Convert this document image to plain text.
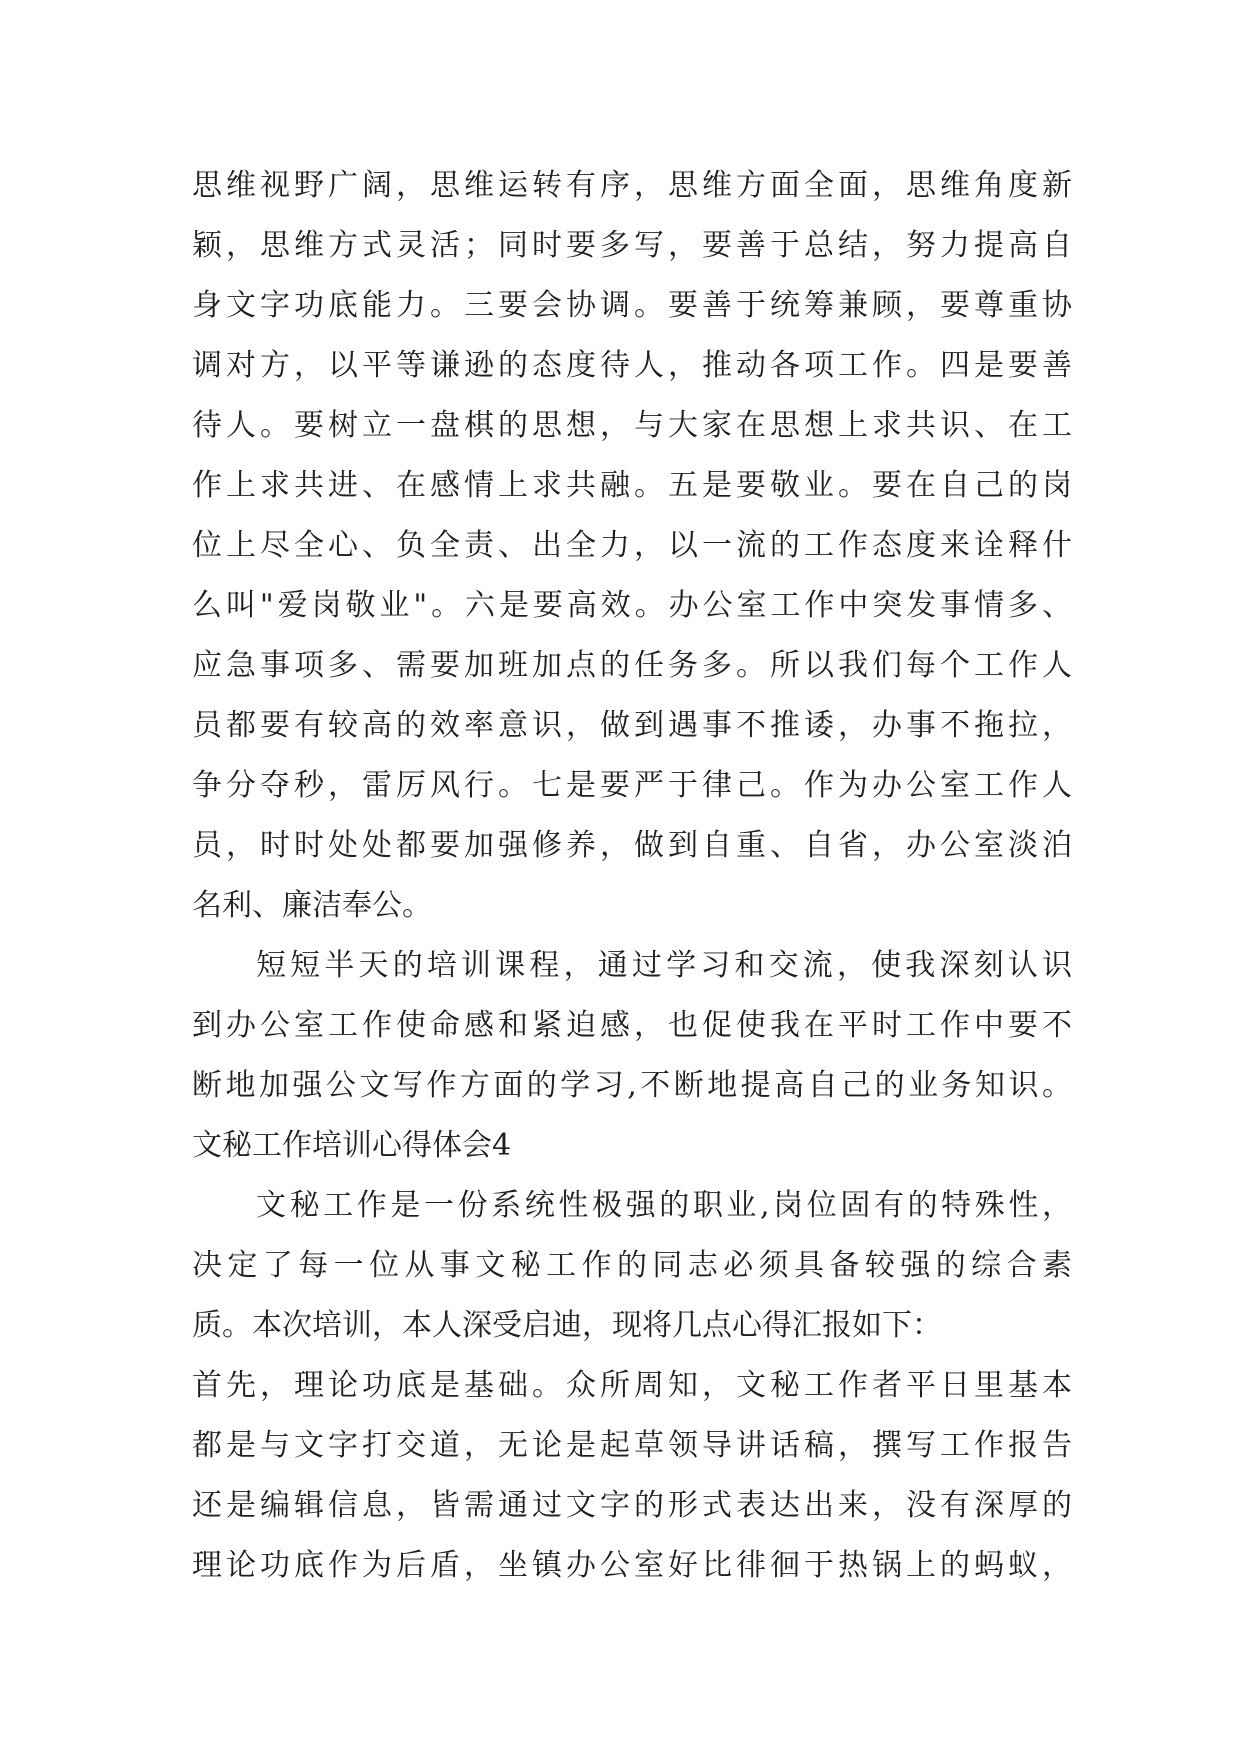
思维视野广阔，思维运转有序，思维方面全面，思维角度新
颖，思维方式灵活；同时要多写，要善于总结，努力提高自
身文字功底能力。三要会协调。要善于统筹兼顾，要尊重协
调对方，以平等谦逊的态度待人，推动各项工作。四是要善
待人。要树立一盘棋的思想，与大家在思想上求共识、在工
作上求共进、在感情上求共融。五是要敬业。要在自己的岗
位上尽全心、负全责、出全力，以一流的工作态度来诠释什
么叫"爱岗敬业"。六是要高效。办公室工作中突发事情多、
应急事项多、需要加班加点的任务多。所以我们每个工作人
员都要有较高的效率意识，做到遇事不推诿，办事不拖拉，
争分夺秒，雷厉风行。七是要严于律己。作为办公室工作人
员，时时处处都要加强修养，做到自重、自省，办公室淡泊
名利、廉洁奉公。
短短半天的培训课程，通过学习和交流，使我深刻认识
到办公室工作使命感和紧迫感，也促使我在平时工作中要不
断地加强公文写作方面的学习,不断地提高自己的业务知识。
文秘工作培训心得体会4
文秘工作是一份系统性极强的职业,岗位固有的特殊性，
决定了每一位从事文秘工作的同志必须具备较强的综合素
质。本次培训，本人深受启迪，现将几点心得汇报如下：
首先，理论功底是基础。众所周知，文秘工作者平日里基本
都是与文字打交道，无论是起草领导讲话稿，撰写工作报告
还是编辑信息，皆需通过文字的形式表达出来，没有深厚的
理论功底作为后盾，坐镇办公室好比徘徊于热锅上的蚂蚁，
